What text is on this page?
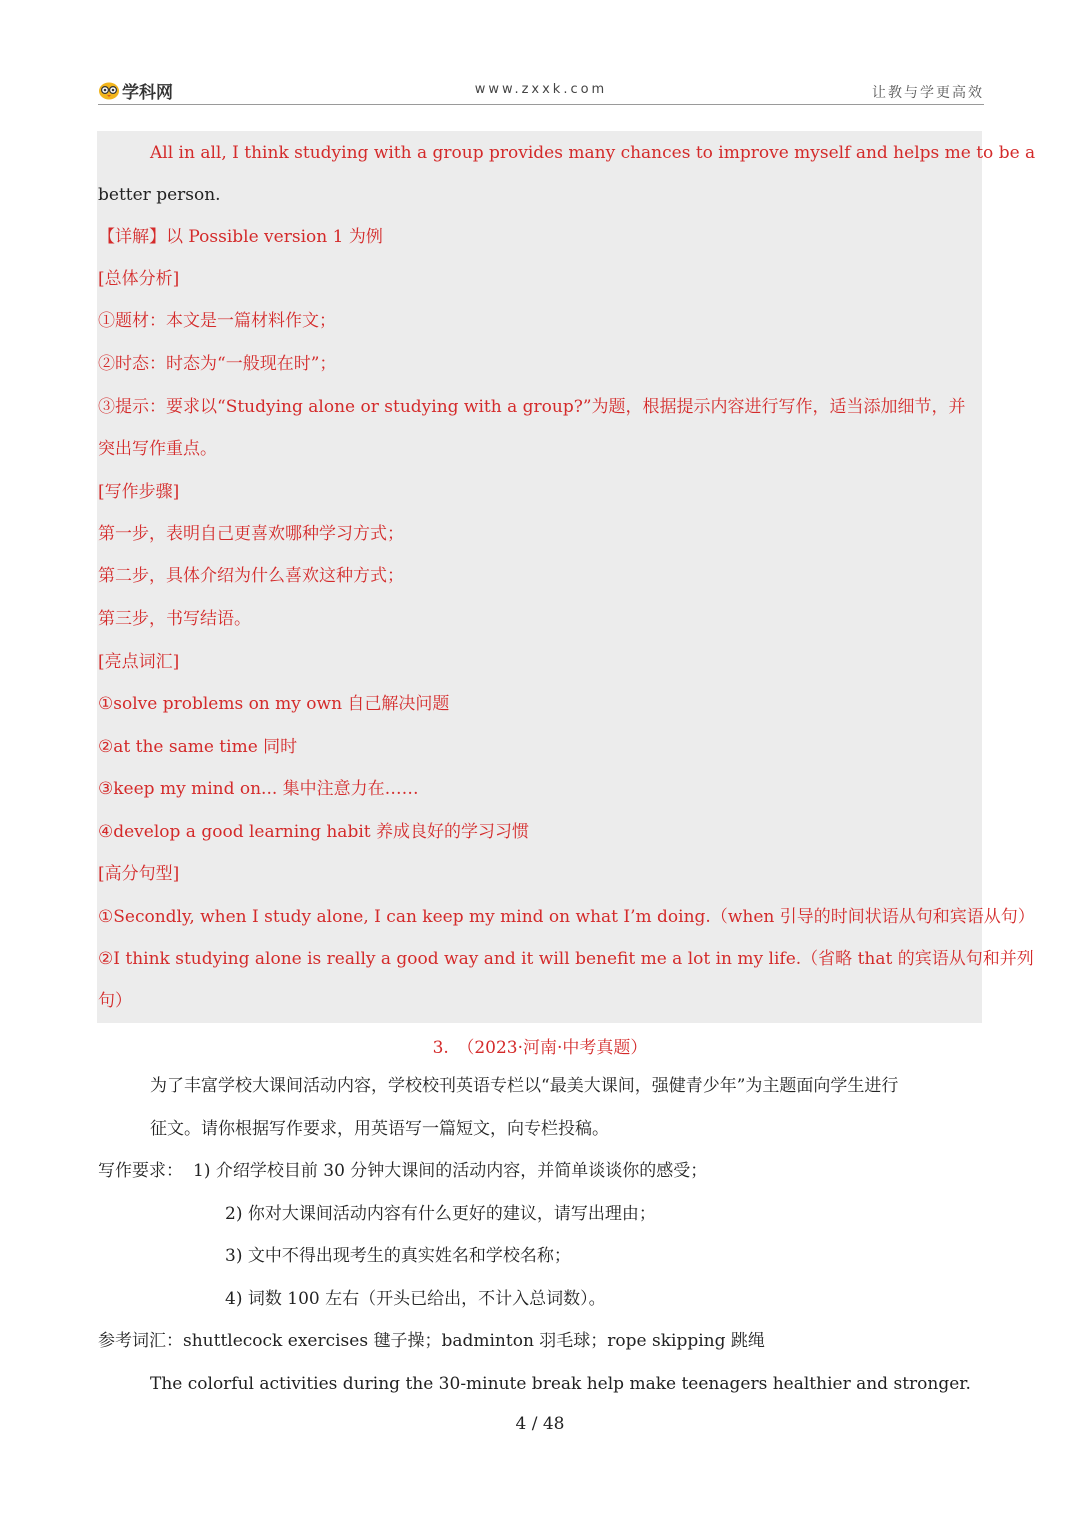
学科网	www.zxxk.com	让教与学更高效
All in all, I think studying with a group provides many chances to improve myself and helps me to be a
better person.
【详解】以 Possible version 1 为例
[总体分析]
①题材：本文是一篇材料作文；
②时态：时态为“一般现在时”；
③提示：要求以“Studying alone or studying with a group?”为题，根据提示内容进行写作，适当添加细节，并
突出写作重点。
[写作步骤]
第一步，表明自己更喜欢哪种学习方式；
第二步，具体介绍为什么喜欢这种方式；
第三步，书写结语。
[亮点词汇]
①solve problems on my own 自己解决问题
②at the same time 同时
③keep my mind on... 集中注意力在……
④develop a good learning habit 养成良好的学习习惯
[高分句型]
①Secondly, when I study alone, I can keep my mind on what I’m doing.（when 引导的时间状语从句和宾语从句）
②I think studying alone is really a good way and it will benefit me a lot in my life.（省略 that 的宾语从句和并列
句）
3.　（2023·河南·中考真题）
为了丰富学校大课间活动内容，学校校刊英语专栏以“最美大课间，强健青少年”为主题面向学生进行
征文。请你根据写作要求，用英语写一篇短文，向专栏投稿。
写作要求： 1) 介绍学校目前 30 分钟大课间的活动内容，并简单谈谈你的感受；
2) 你对大课间活动内容有什么更好的建议，请写出理由；
3) 文中不得出现考生的真实姓名和学校名称；
4) 词数 100 左右（开头已给出，不计入总词数）。
参考词汇：shuttlecock exercises 毽子操；badminton 羽毛球；rope skipping 跳绳
The colorful activities during the 30-minute break help make teenagers healthier and stronger.
4 / 48
